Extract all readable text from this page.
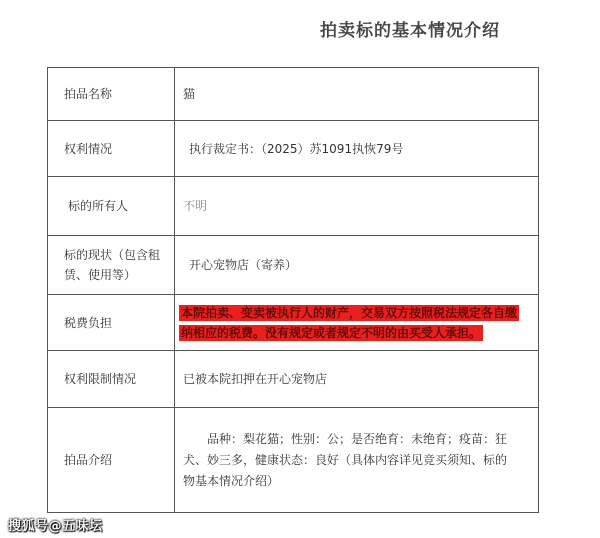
拍卖标的基本情况介绍
拍品名称	猫

权利情况	执行裁定书：（2025）苏1091执恢79号

标的所有人	不明

标的现状（包含租赁、使用等）	开心宠物店（寄养）

税费负担	本院拍卖、变卖被执行人的财产，交易双方按照税法规定各自缴纳相应的税费。没有规定或者规定不明的由买受人承担。
权利限制情况	已被本院扣押在开心宠物店

拍品介绍	品种：梨花猫；性别：公；是否绝育：未绝育；疫苗：狂犬、妙三多，健康状态：良好（具体内容详见竞买须知、标的物基本情况介绍）
搜狐号@五味坛
